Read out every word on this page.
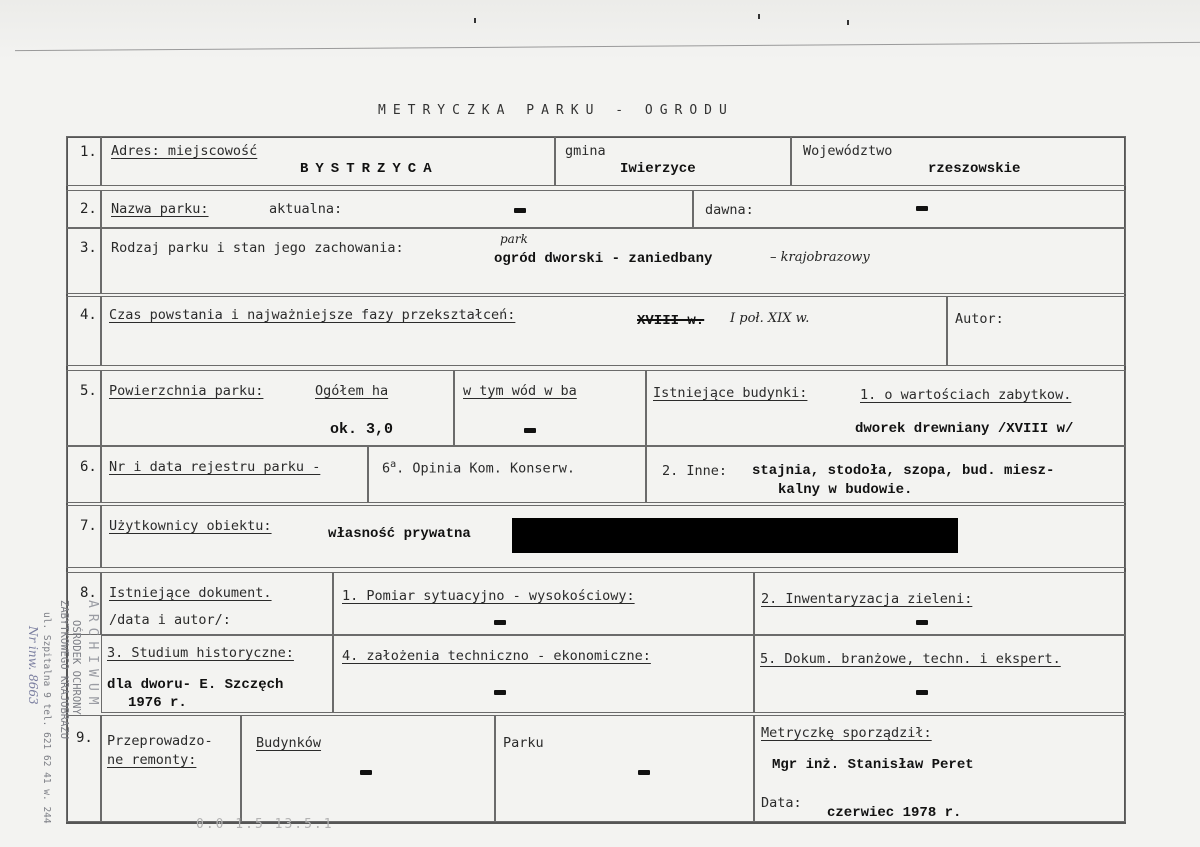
METRYCZKA PARKU - OGRODU
1. Adres: miejscowość
BYSTRZYCA
gmina
Iwierzyce
Województwo
rzeszowskie
2. Nazwa parku:	aktualna:	dawna:
3. Rodzaj parku i stan jego zachowania:
park
ogród dworski - zaniedbany	– krajobrazowy
4. Czas powstania i najważniejsze fazy przekształceń:	XVIII w. I poł. XIX w.	Autor:
5. Powierzchnia parku:	Ogółem ha
ok. 3,0
w tym wód w ba	Istniejące budynki:	1. o wartościach zabytkow.
dworek drewniany /XVIII w/
6. Nr i data rejestru parku -	6$^a$. Opinia Kom. Konserw.	2. Inne: stajnia, stodoła, szopa, bud. miesz-
kalny w budowie.
7. Użytkownicy obiektu:	własność prywatna
8. Istniejące dokument.
/data i autor/:
1. Pomiar sytuacyjno - wysokościowy:	2. Inwentaryzacja zieleni:
3. Studium historyczne:
dla dworu- E. Szczęch
1976 r.
4. założenia techniczno - ekonomiczne:	5. Dokum. branżowe, techn. i ekspert.
9. Przeprowadzo-
ne remonty:
Budynków	Parku
Metryczkę sporządził:
Mgr inż. Stanisław Peret
Data:
czerwiec 1978 r.
0.0 1.5 13.5.1
ARCHIWUM
OŚRODEK OCHRONY
ZABYTKOWEGO KRAJOBRAZU
ul. Szpitalna 9 tel. 621 62 41 w. 244
Nr inw. 8663
